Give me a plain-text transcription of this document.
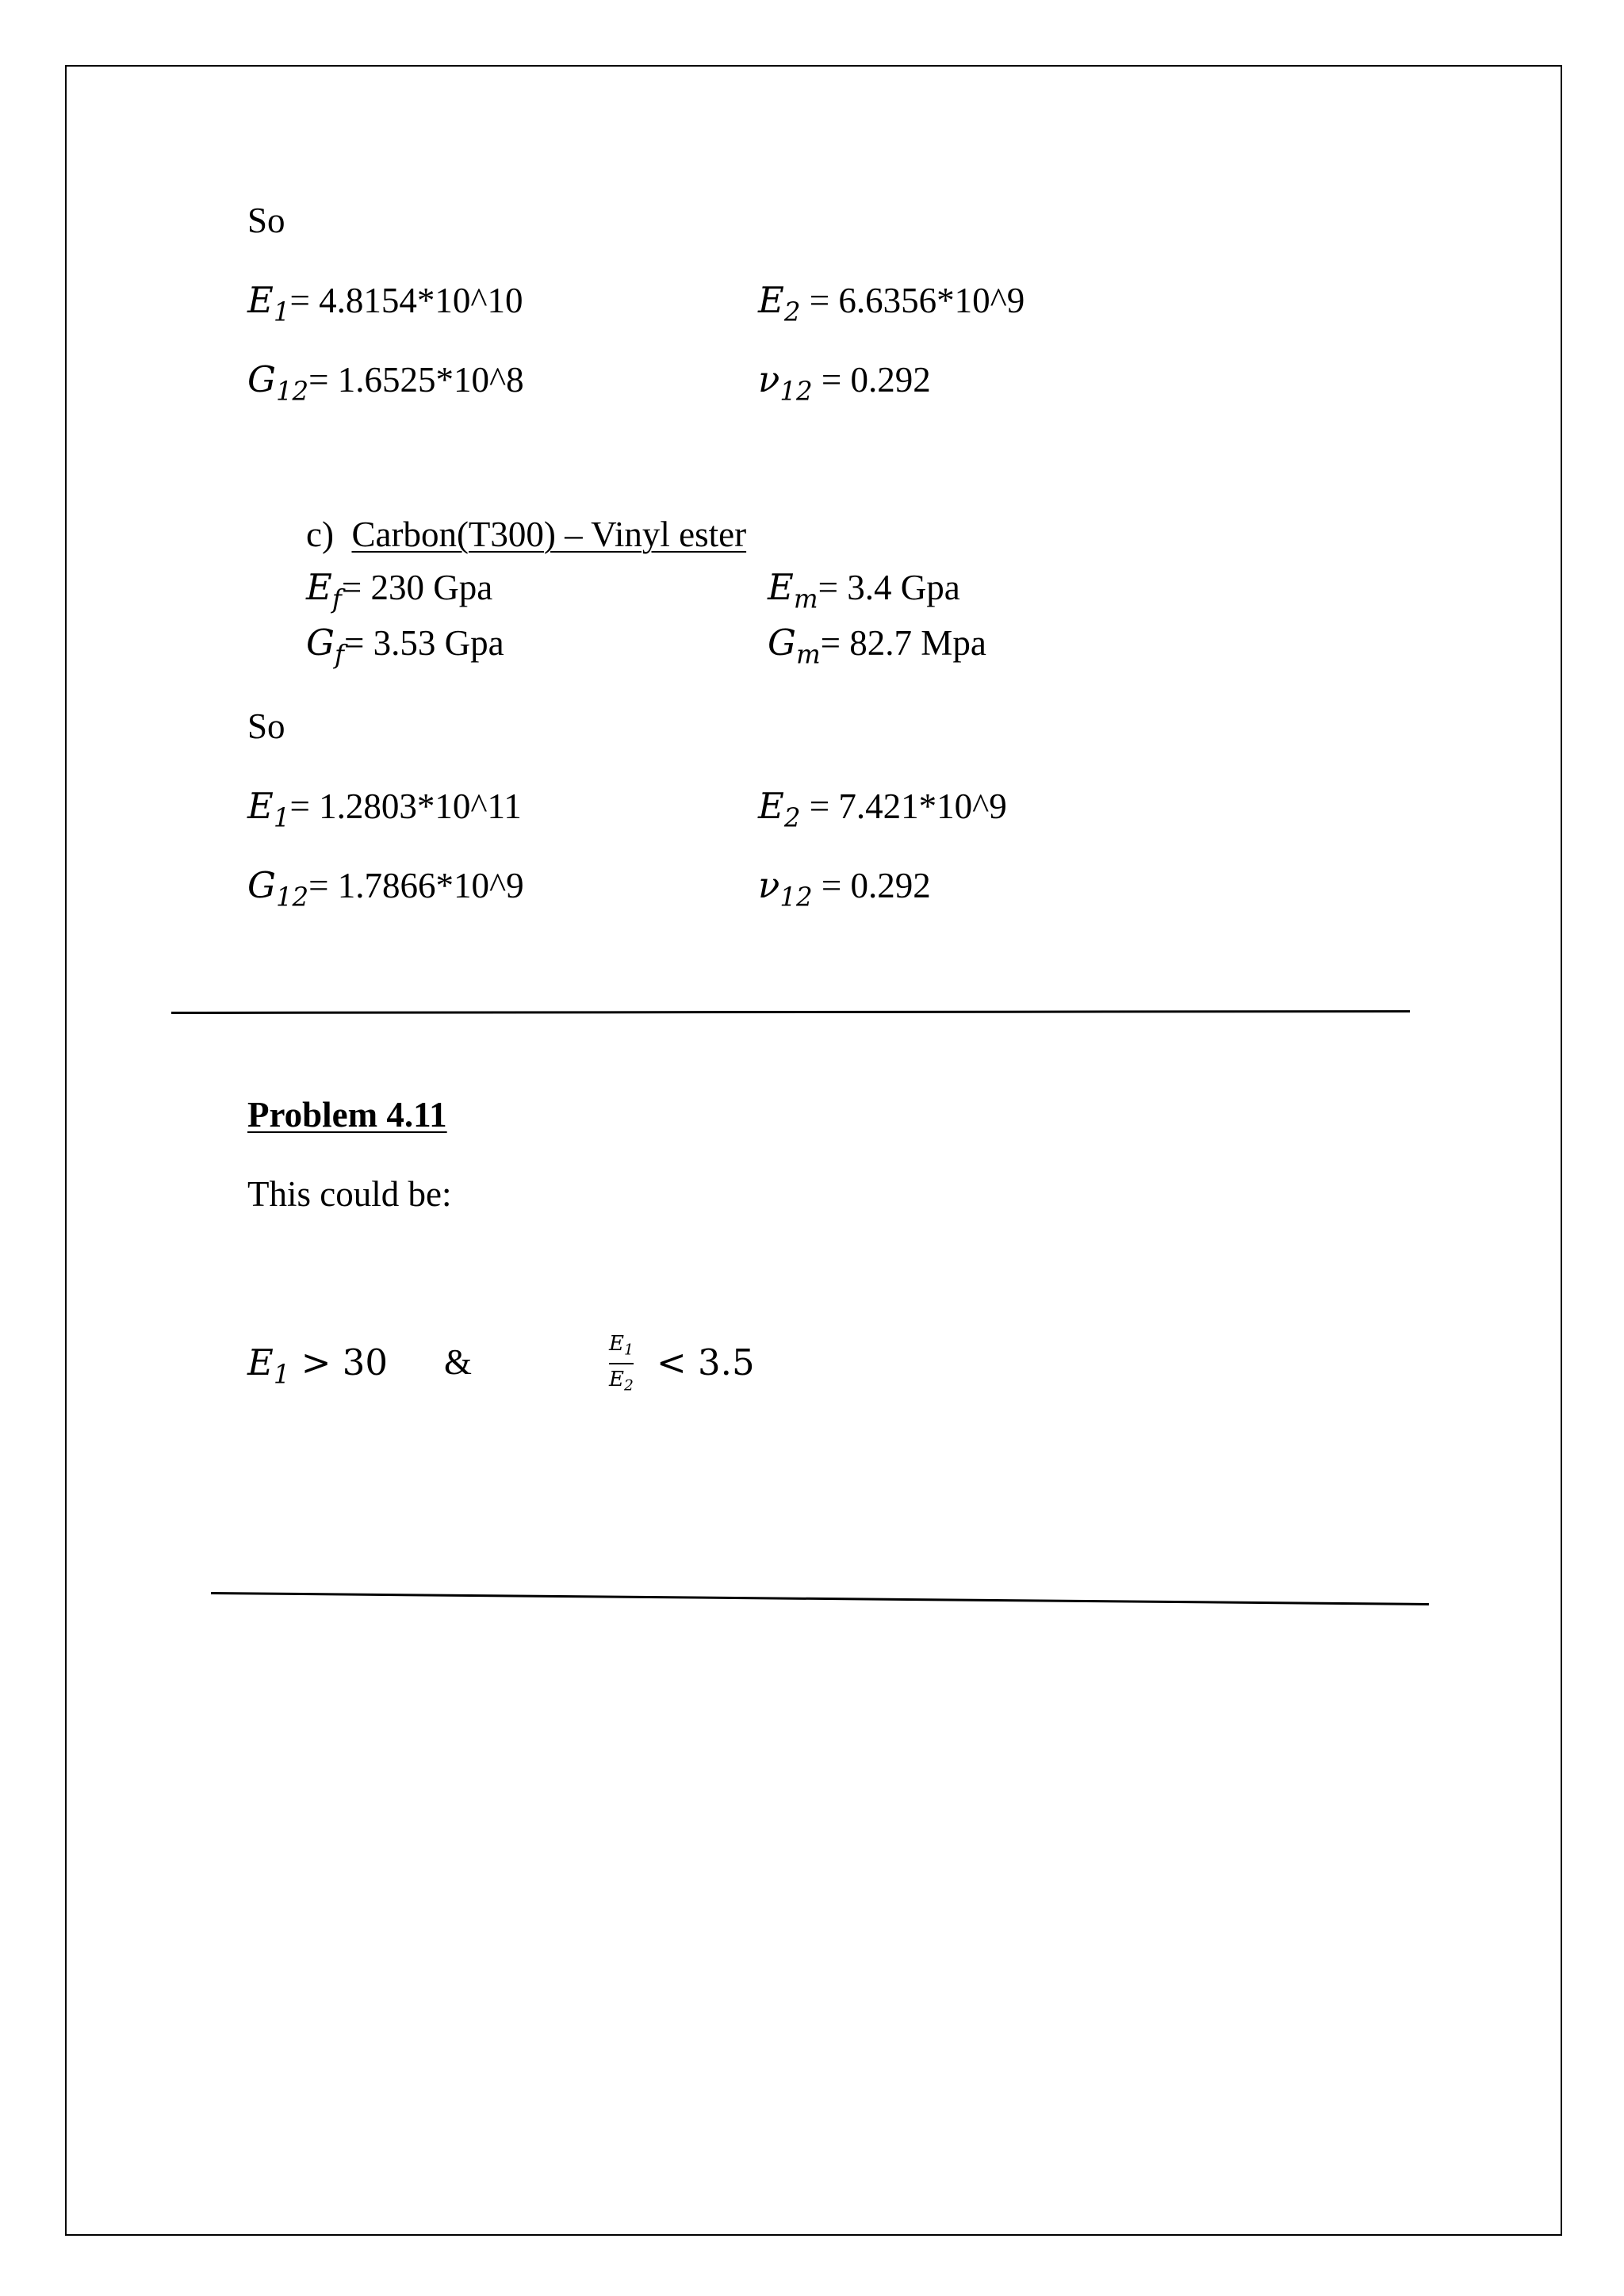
So
$E_1=$ 4.8154*10^10	$E_2$ = 6.6356*10^9
$G_{12}=$ 1.6525*10^8	$\nu_{12} = 0.292$
c) Carbon(T300) – Vinyl ester
$E_f= 230$ Gpa	$E_m= 3.4$ Gpa
$G_f= 3.53$ Gpa	$G_m= 82.7$ Mpa
So
$E_1=$ 1.2803*10^11	$E_2$ = 7.421*10^9
$G_{12}=$ 1.7866*10^9	$\nu_{12} = 0.292$
Problem 4.11
This could be:
$E_1 > 30$ &	$E_1$
$E_2$
< 3.5
